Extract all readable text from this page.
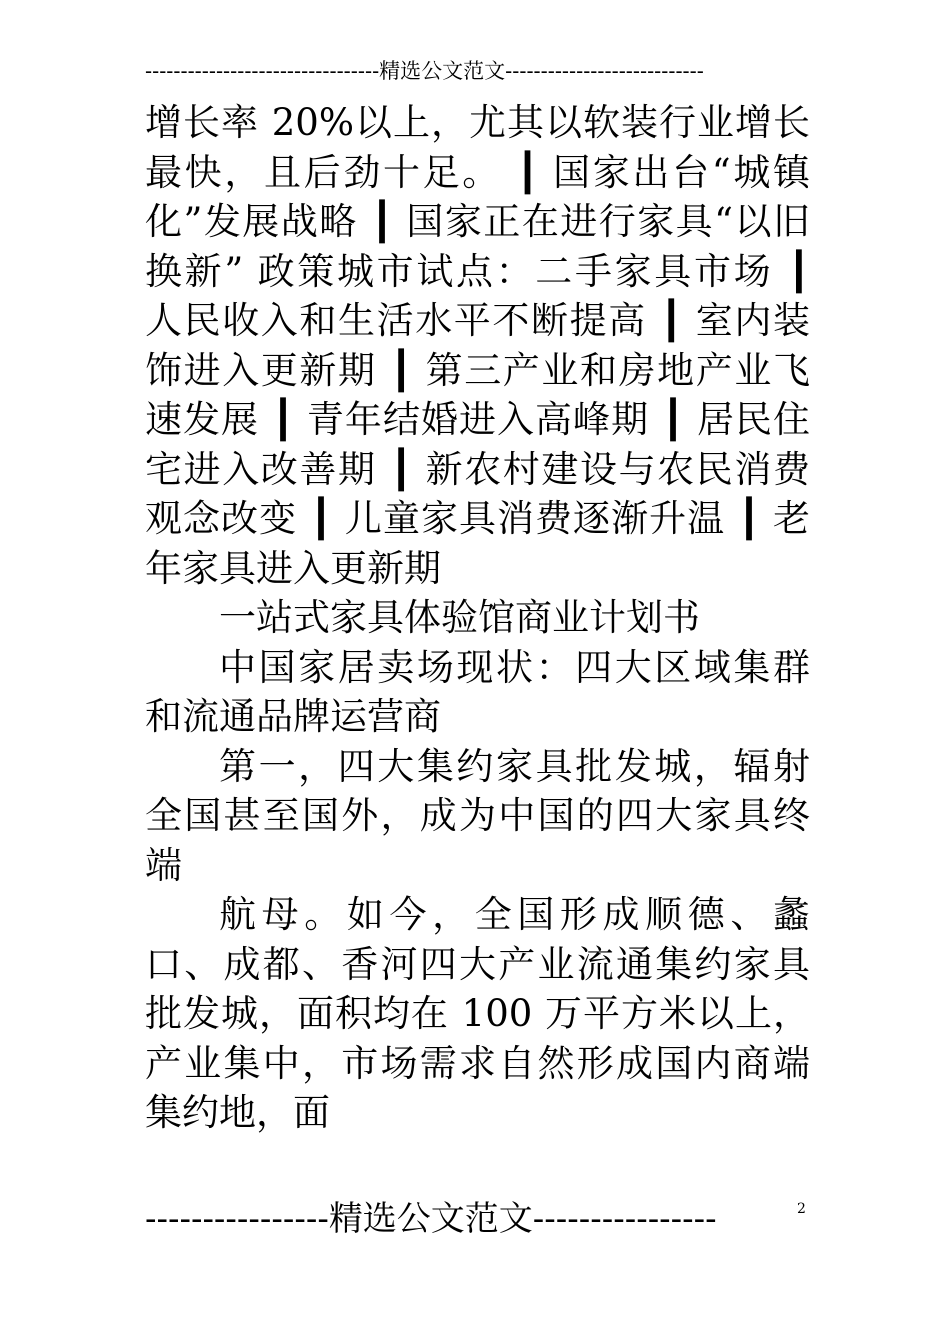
---------------------------------精选公文范文----------------------------

增长率 20%以上，尤其以软装行业增长最快，且后劲十足。 ┃ 国家出台“城镇化”发展战略 ┃ 国家正在进行家具“以旧换新” 政策城市试点：二手家具市场 ┃ 人民收入和生活水平不断提高 ┃ 室内装饰进入更新期 ┃ 第三产业和房地产业飞速发展 ┃ 青年结婚进入高峰期 ┃ 居民住宅进入改善期 ┃ 新农村建设与农民消费观念改变 ┃ 儿童家具消费逐渐升温 ┃ 老年家具进入更新期

一站式家具体验馆商业计划书

中国家居卖场现状：四大区域集群和流通品牌运营商

第一，四大集约家具批发城，辐射全国甚至国外，成为中国的四大家具终端

航母。如今，全国形成顺德、蠡口、成都、香河四大产业流通集约家具批发城，面积均在 100 万平方米以上，产业集中，市场需求自然形成国内商端集约地，面

----------------精选公文范文----------------	2
